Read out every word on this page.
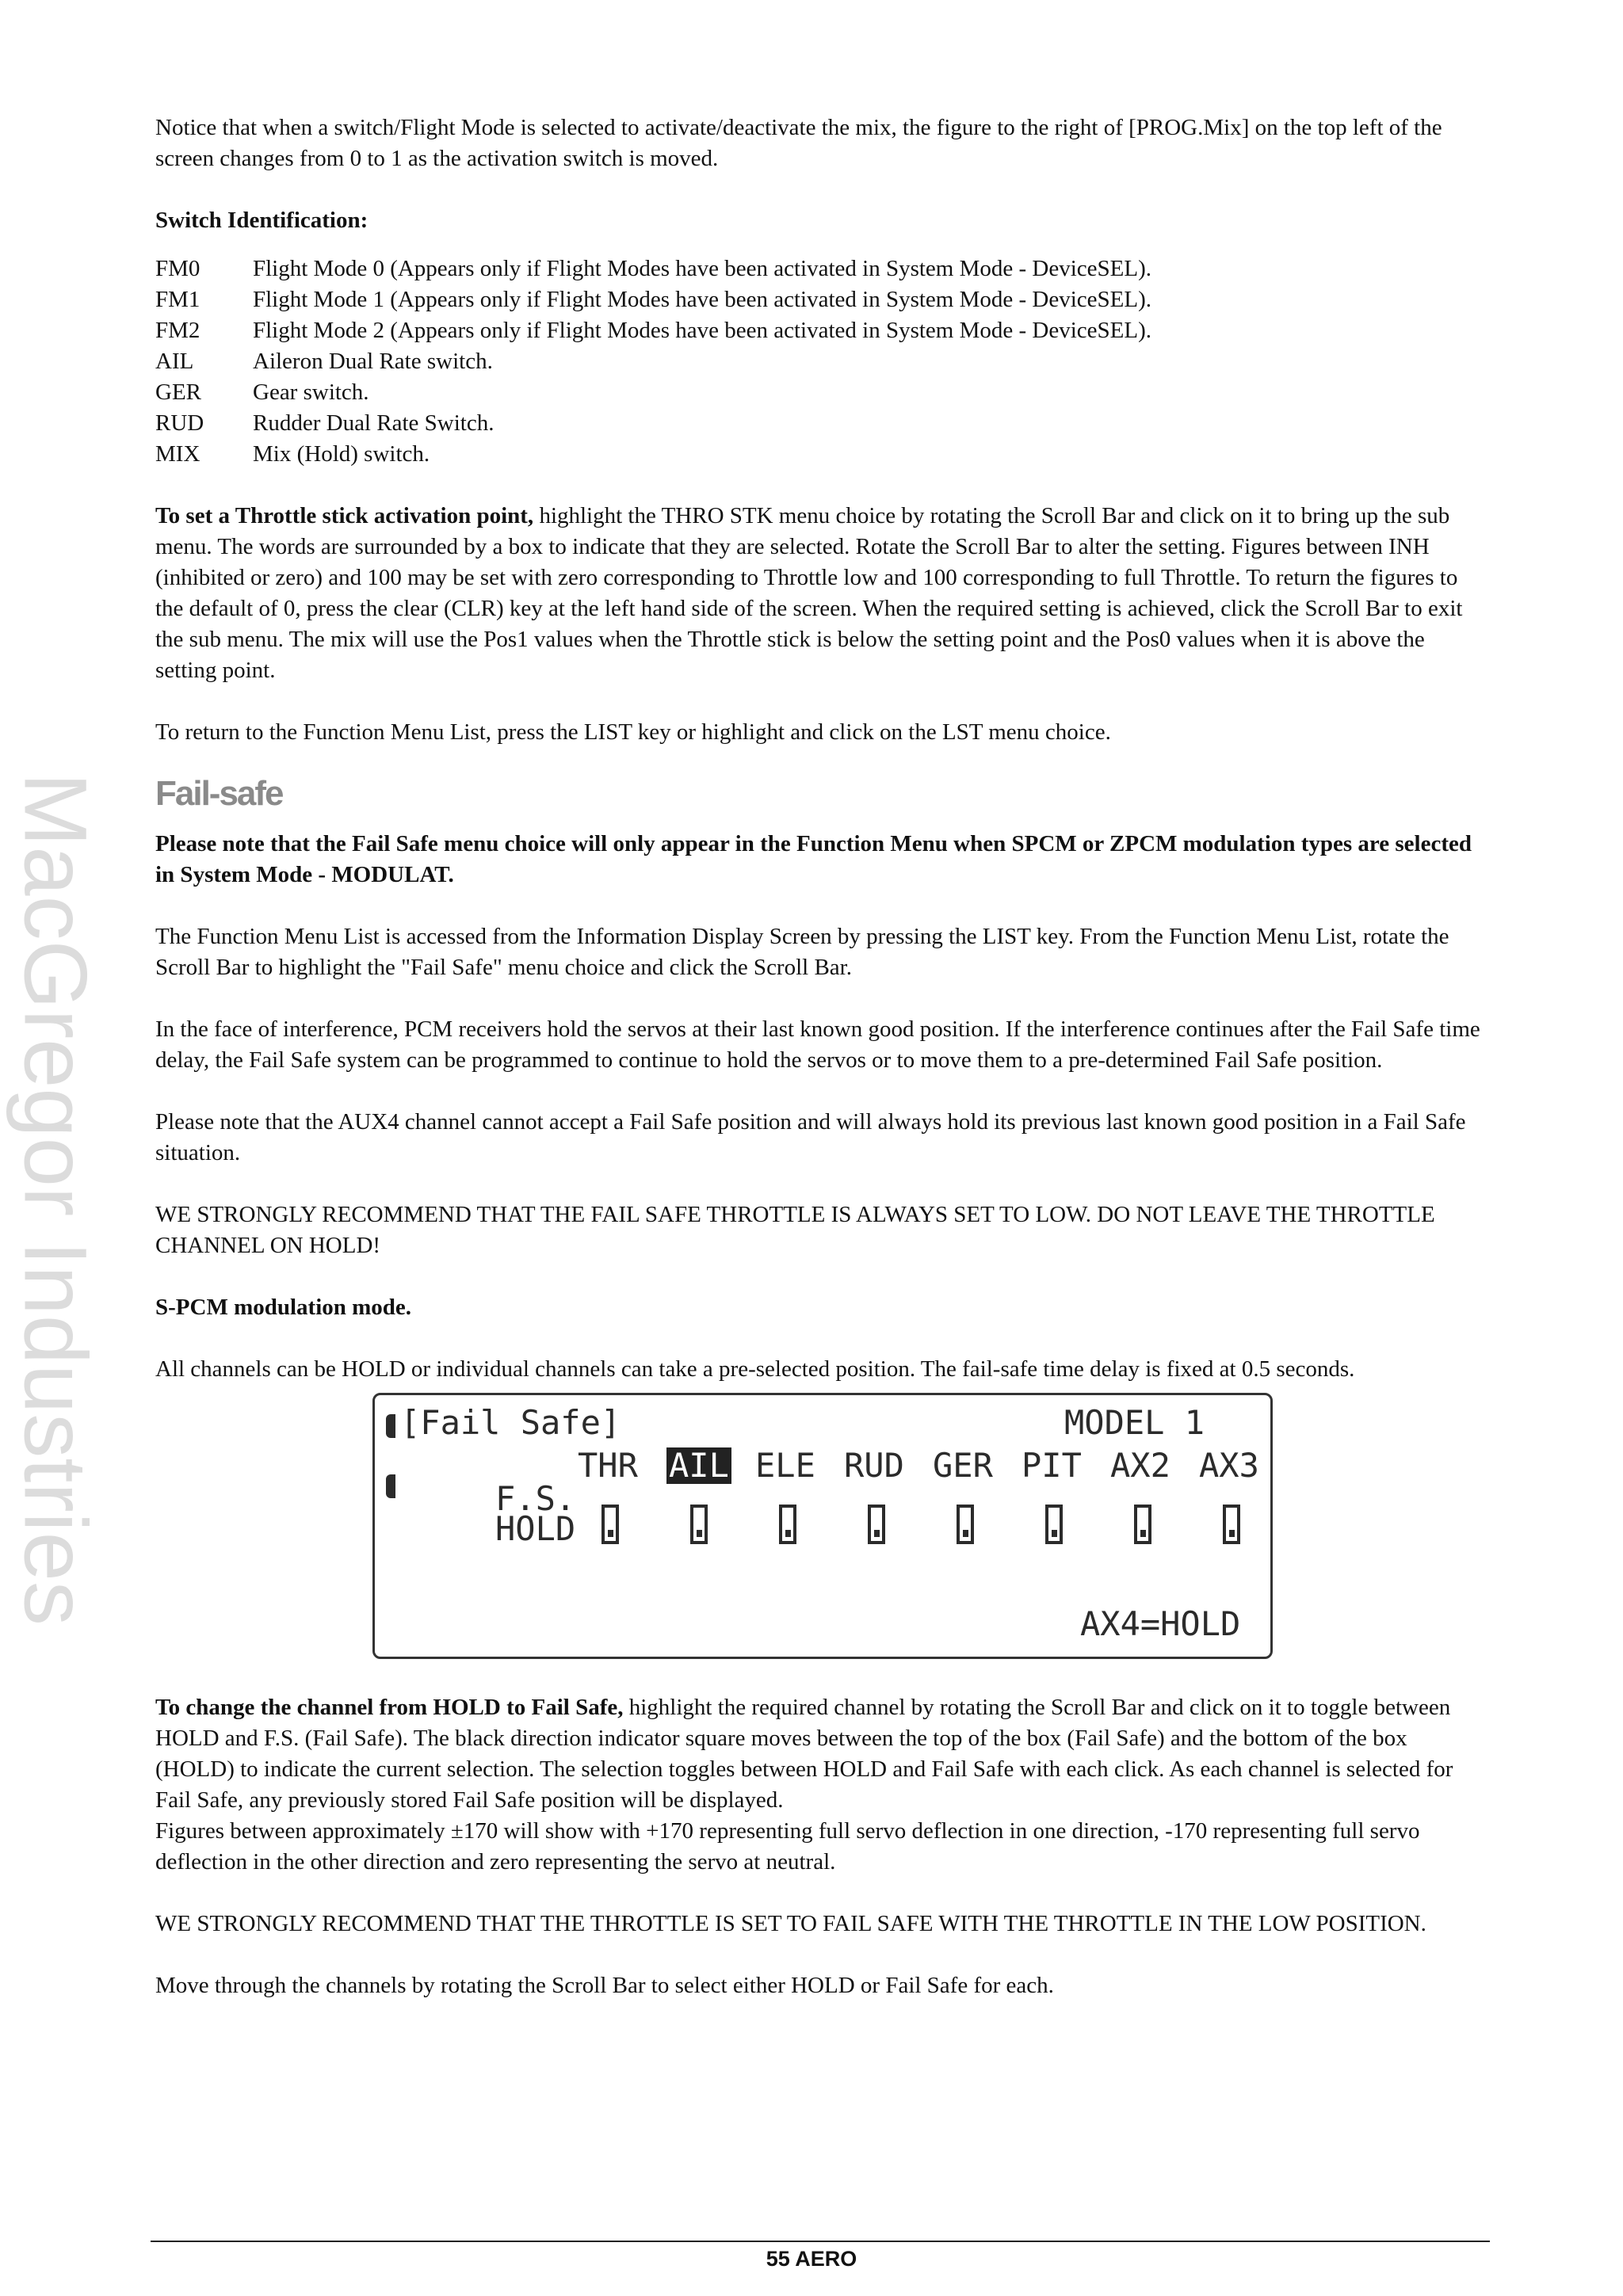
MacGregor Industries

Notice that when a switch/Flight Mode is selected to activate/deactivate the mix, the figure to the right of [PROG.Mix] on the top left of the screen changes from 0 to 1 as the activation switch is moved.

Switch Identification:

FM0	Flight Mode 0 (Appears only if Flight Modes have been activated in System Mode - DeviceSEL).
FM1	Flight Mode 1 (Appears only if Flight Modes have been activated in System Mode - DeviceSEL).
FM2	Flight Mode 2 (Appears only if Flight Modes have been activated in System Mode - DeviceSEL).
AIL	Aileron Dual Rate switch.
GER	Gear switch.
RUD	Rudder Dual Rate Switch.
MIX	Mix (Hold) switch.

To set a Throttle stick activation point, highlight the THRO STK menu choice by rotating the Scroll Bar and click on it to bring up the sub menu. The words are surrounded by a box to indicate that they are selected. Rotate the Scroll Bar to alter the setting. Figures between INH (inhibited or zero) and 100 may be set with zero corresponding to Throttle low and 100 corresponding to full Throttle. To return the figures to the default of 0, press the clear (CLR) key at the left hand side of the screen. When the required setting is achieved, click the Scroll Bar to exit the sub menu. The mix will use the Pos1 values when the Throttle stick is below the setting point and the Pos0 values when it is above the setting point.

To return to the Function Menu List, press the LIST key or highlight and click on the LST menu choice.

Fail-safe

Please note that the Fail Safe menu choice will only appear in the Function Menu when SPCM or ZPCM modulation types are selected in System Mode - MODULAT.

The Function Menu List is accessed from the Information Display Screen by pressing the LIST key. From the Function Menu List, rotate the Scroll Bar to highlight the "Fail Safe" menu choice and click the Scroll Bar.

In the face of interference, PCM receivers hold the servos at their last known good position. If the interference continues after the Fail Safe time delay, the Fail Safe system can be programmed to continue to hold the servos or to move them to a pre-determined Fail Safe position.

Please note that the AUX4 channel cannot accept a Fail Safe position and will always hold its previous last known good position in a Fail Safe situation.

WE STRONGLY RECOMMEND THAT THE FAIL SAFE THROTTLE IS ALWAYS SET TO LOW. DO NOT LEAVE THE THROTTLE CHANNEL ON HOLD!

S-PCM modulation mode.

All channels can be HOLD or individual channels can take a pre-selected position. The fail-safe time delay is fixed at 0.5 seconds.

[Fail Safe]	MODEL 1
THR AIL ELE RUD GER PIT AX2 AX3
F.S.
HOLD
AX4=HOLD

To change the channel from HOLD to Fail Safe, highlight the required channel by rotating the Scroll Bar and click on it to toggle between HOLD and F.S. (Fail Safe). The black direction indicator square moves between the top of the box (Fail Safe) and the bottom of the box (HOLD) to indicate the current selection. The selection toggles between HOLD and Fail Safe with each click. As each channel is selected for Fail Safe, any previously stored Fail Safe position will be displayed.

Figures between approximately ±170 will show with +170 representing full servo deflection in one direction, -170 representing full servo deflection in the other direction and zero representing the servo at neutral.

WE STRONGLY RECOMMEND THAT THE THROTTLE IS SET TO FAIL SAFE WITH THE THROTTLE IN THE LOW POSITION.

Move through the channels by rotating the Scroll Bar to select either HOLD or Fail Safe for each.

55 AERO
